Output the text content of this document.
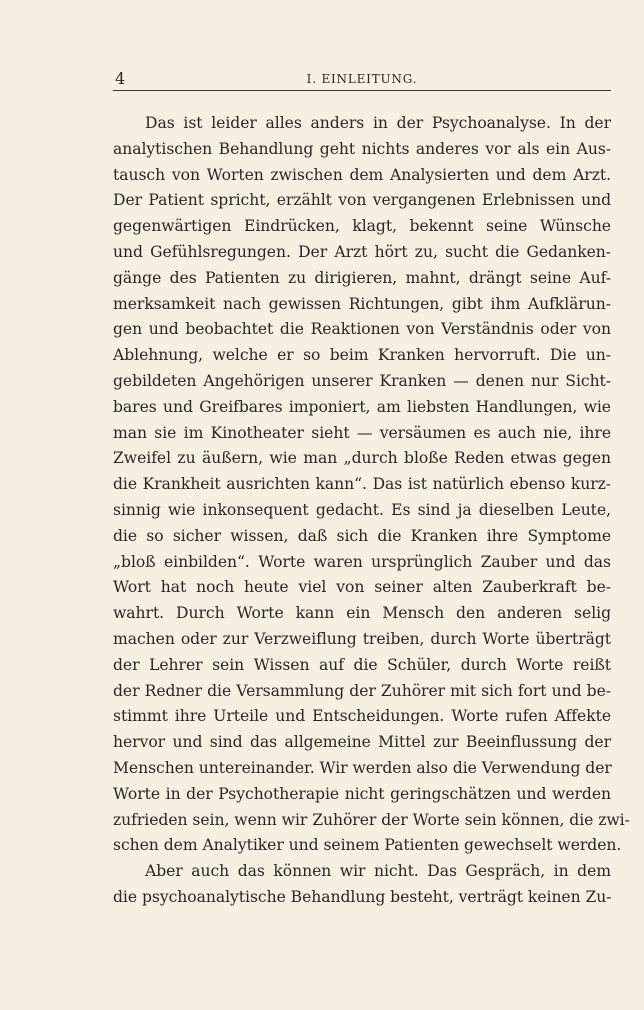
4	I. EINLEITUNG.
Das ist leider alles anders in der Psychoanalyse. In der
analytischen Behandlung geht nichts anderes vor als ein Aus-
tausch von Worten zwischen dem Analysierten und dem Arzt.
Der Patient spricht, erzählt von vergangenen Erlebnissen und
gegenwärtigen Eindrücken, klagt, bekennt seine Wünsche
und Gefühlsregungen. Der Arzt hört zu, sucht die Gedanken-
gänge des Patienten zu dirigieren, mahnt, drängt seine Auf-
merksamkeit nach gewissen Richtungen, gibt ihm Aufklärun-
gen und beobachtet die Reaktionen von Verständnis oder von
Ablehnung, welche er so beim Kranken hervorruft. Die un-
gebildeten Angehörigen unserer Kranken — denen nur Sicht-
bares und Greifbares imponiert, am liebsten Handlungen, wie
man sie im Kinotheater sieht — versäumen es auch nie, ihre
Zweifel zu äußern, wie man „durch bloße Reden etwas gegen
die Krankheit ausrichten kann“. Das ist natürlich ebenso kurz-
sinnig wie inkonsequent gedacht. Es sind ja dieselben Leute,
die so sicher wissen, daß sich die Kranken ihre Symptome
„bloß einbilden“. Worte waren ursprünglich Zauber und das
Wort hat noch heute viel von seiner alten Zauberkraft be-
wahrt. Durch Worte kann ein Mensch den anderen selig
machen oder zur Verzweiflung treiben, durch Worte überträgt
der Lehrer sein Wissen auf die Schüler, durch Worte reißt
der Redner die Versammlung der Zuhörer mit sich fort und be-
stimmt ihre Urteile und Entscheidungen. Worte rufen Affekte
hervor und sind das allgemeine Mittel zur Beeinflussung der
Menschen untereinander. Wir werden also die Verwendung der
Worte in der Psychotherapie nicht geringschätzen und werden
zufrieden sein, wenn wir Zuhörer der Worte sein können, die zwi-
schen dem Analytiker und seinem Patienten gewechselt werden.
Aber auch das können wir nicht. Das Gespräch, in dem
die psychoanalytische Behandlung besteht, verträgt keinen Zu-
